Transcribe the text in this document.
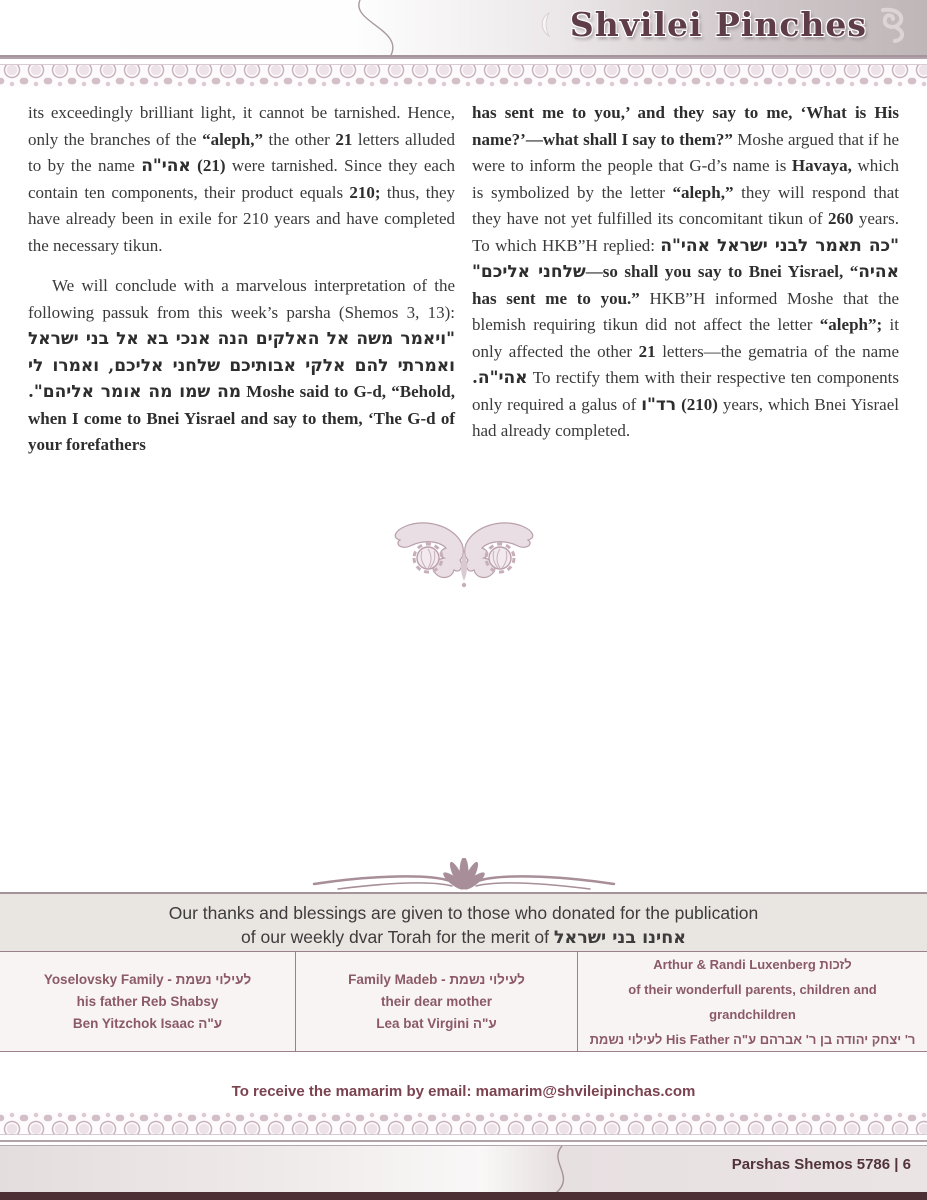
Shvilei Pinches

its exceedingly brilliant light, it cannot be tarnished. Hence, only the branches of the “aleph,” the other 21 letters alluded to by the name אהי"ה (21) were tarnished. Since they each contain ten components, their product equals 210; thus, they have already been in exile for 210 years and have completed the necessary tikun.

We will conclude with a marvelous interpretation of the following passuk from this week’s parsha (Shemos 3, 13): "ויאמר משה אל האלקים הנה אנכי בא אל בני ישראל ואמרתי להם אלקי אבותיכם שלחני אליכם, ואמרו לי מה שמו מה אומר אליהם". Moshe said to G-d, “Behold, when I come to Bnei Yisrael and say to them, ‘The G-d of your forefathers

has sent me to you,’ and they say to me, ‘What is His name?’—what shall I say to them?” Moshe argued that if he were to inform the people that G-d’s name is Havaya, which is symbolized by the letter “aleph,” they will respond that they have not yet fulfilled its concomitant tikun of 260 years. To which HKB”H replied: "כה תאמר לבני ישראל אהי"ה שלחני אליכם"—so shall you say to Bnei Yisrael, “אהיה has sent me to you.” HKB”H informed Moshe that the blemish requiring tikun did not affect the letter “aleph”; it only affected the other 21 letters—the gematria of the name אהי"ה. To rectify them with their respective ten components only required a galus of רד"ו (210) years, which Bnei Yisrael had already completed.

Our thanks and blessings are given to those who donated for the publication
of our weekly dvar Torah for the merit of אחינו בני ישראל
Yoselovsky Family - לעילוי נשמת
his father Reb Shabsy
Ben Yitzchok Isaac ע"ה
Family Madeb - לעילוי נשמת
their dear mother
Lea bat Virgini ע"ה
Arthur & Randi Luxenberg לזכות
of their wonderfull parents, children and grandchildren
לעילוי נשמת His Father ר' יצחק יהודה בן ר' אברהם ע"ה
To receive the mamarim by email: mamarim@shvileipinchas.com
Parshas Shemos 5786 | 6
